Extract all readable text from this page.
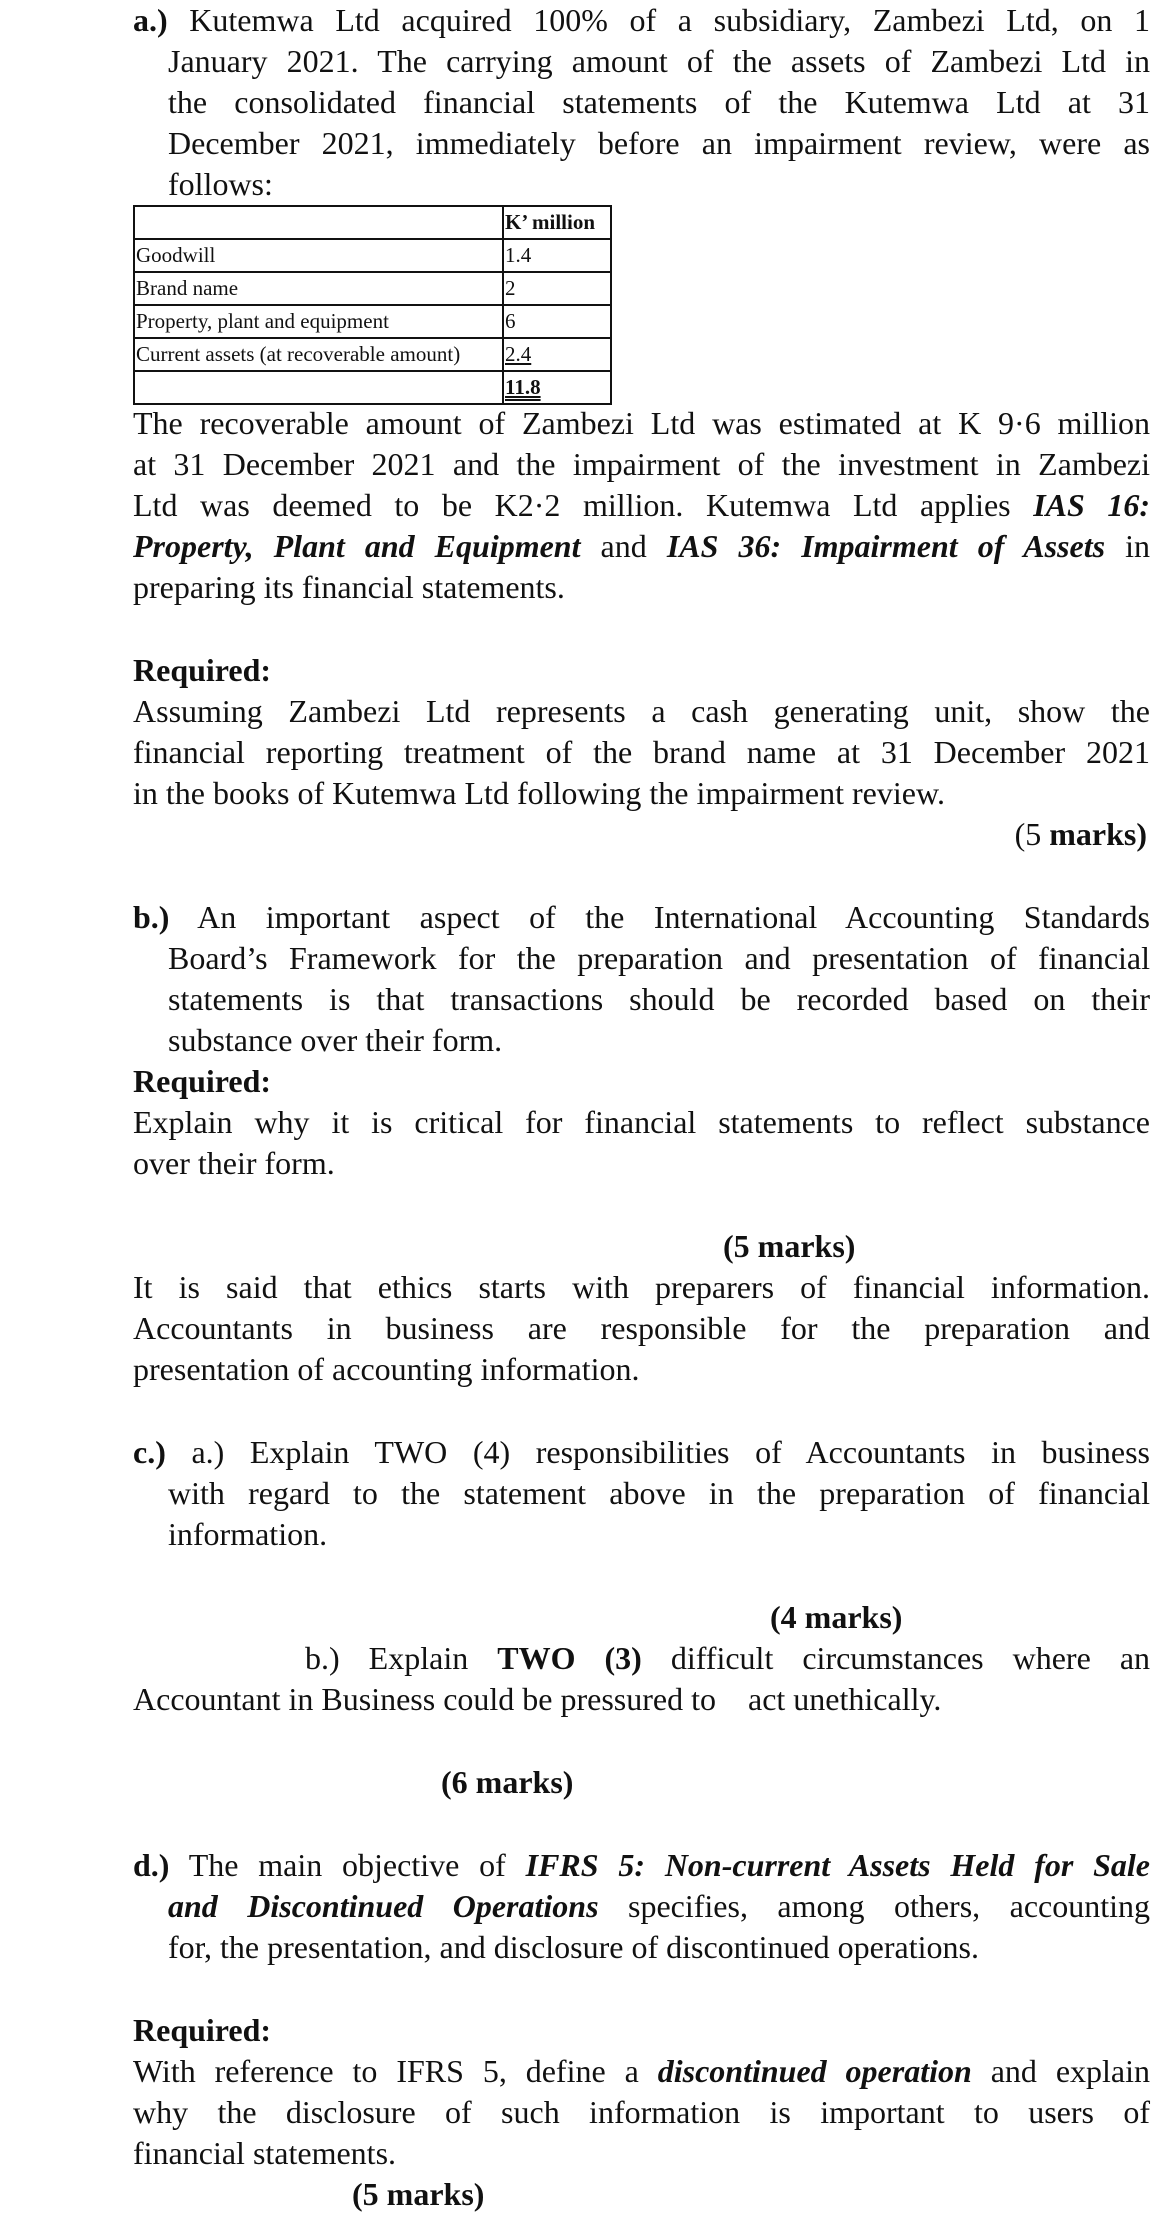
a.) Kutemwa Ltd acquired 100% of a subsidiary, Zambezi Ltd, on 1
January 2021. The carrying amount of the assets of Zambezi Ltd in
the consolidated financial statements of the Kutemwa Ltd at 31
December 2021, immediately before an impairment review, were as
follows:
	K’ million
Goodwill	1.4
Brand name	2
Property, plant and equipment	6
Current assets (at recoverable amount)	2.4
	11.8
The recoverable amount of Zambezi Ltd was estimated at K 9·6 million
at 31 December 2021 and the impairment of the investment in Zambezi
Ltd was deemed to be K2·2 million. Kutemwa Ltd applies IAS 16:
Property, Plant and Equipment and IAS 36: Impairment of Assets in
preparing its financial statements.
Required:
Assuming Zambezi Ltd represents a cash generating unit, show the
financial reporting treatment of the brand name at 31 December 2021
in the books of Kutemwa Ltd following the impairment review.
(5 marks)
b.) An important aspect of the International Accounting Standards
Board’s Framework for the preparation and presentation of financial
statements is that transactions should be recorded based on their
substance over their form.
Required:
Explain why it is critical for financial statements to reflect substance
over their form.
(5 marks)
It is said that ethics starts with preparers of financial information.
Accountants in business are responsible for the preparation and
presentation of accounting information.
c.) a.) Explain TWO (4) responsibilities of Accountants in business
with regard to the statement above in the preparation of financial
information.
(4 marks)
b.) Explain TWO (3) difficult circumstances where an
Accountant in Business could be pressured to    act unethically.
(6 marks)
d.) The main objective of IFRS 5: Non-current Assets Held for Sale
and Discontinued Operations specifies, among others, accounting
for, the presentation, and disclosure of discontinued operations.
Required:
With reference to IFRS 5, define a discontinued operation and explain
why the disclosure of such information is important to users of
financial statements.
(5 marks)
